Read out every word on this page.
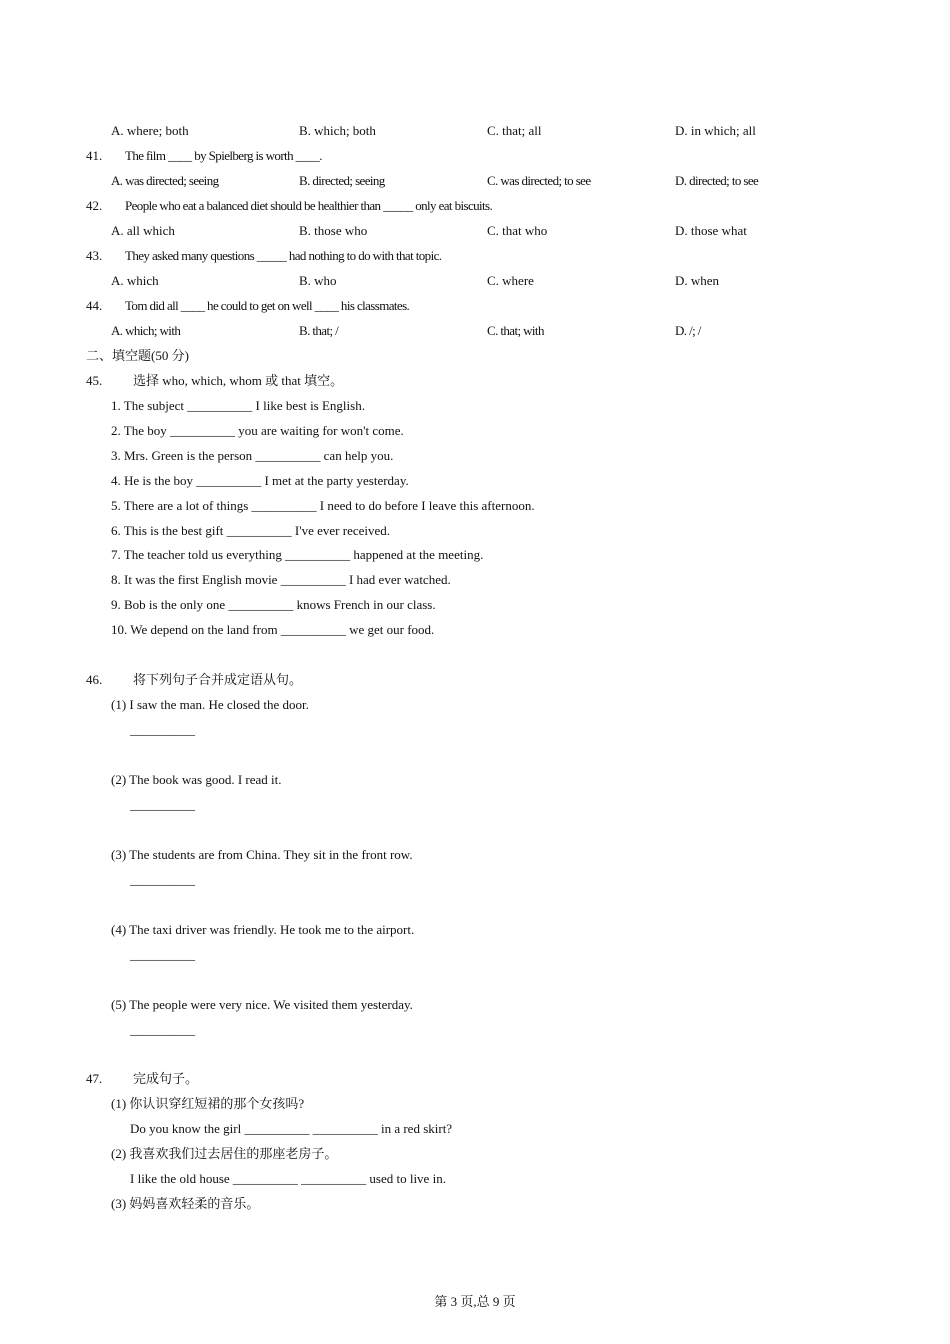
A. where; both	B. which; both	C. that; all	D. in which; all
41. The film ____ by Spielberg is worth ____.
A. was directed; seeing	B. directed; seeing	C. was directed; to see	D. directed; to see
42. People who eat a balanced diet should be healthier than _____ only eat biscuits.
A. all which	B. those who	C. that who	D. those what
43. They asked many questions _____ had nothing to do with that topic.
A. which	B. who	C. where	D. when
44. Tom did all ____ he could to get on well ____ his classmates.
A. which; with	B. that; /	C. that; with	D. /; /
二、填空题(50 分)
45. 选择 who, which, whom 或 that 填空。
1. The subject __________ I like best is English.
2. The boy __________ you are waiting for won't come.
3. Mrs. Green is the person __________ can help you.
4. He is the boy __________ I met at the party yesterday.
5. There are a lot of things __________ I need to do before I leave this afternoon.
6. This is the best gift __________ I've ever received.
7. The teacher told us everything __________ happened at the meeting.
8. It was the first English movie __________ I had ever watched.
9. Bob is the only one __________ knows French in our class.
10. We depend on the land from __________ we get our food.
46. 将下列句子合并成定语从句。
(1) I saw the man. He closed the door.
__________
(2) The book was good. I read it.
__________
(3) The students are from China. They sit in the front row.
__________
(4) The taxi driver was friendly. He took me to the airport.
__________
(5) The people were very nice. We visited them yesterday.
__________
47. 完成句子。
(1) 你认识穿红短裙的那个女孩吗?
Do you know the girl __________ __________ in a red skirt?
(2) 我喜欢我们过去居住的那座老房子。
I like the old house __________ __________ used to live in.
(3) 妈妈喜欢轻柔的音乐。
第 3 页,总 9 页
